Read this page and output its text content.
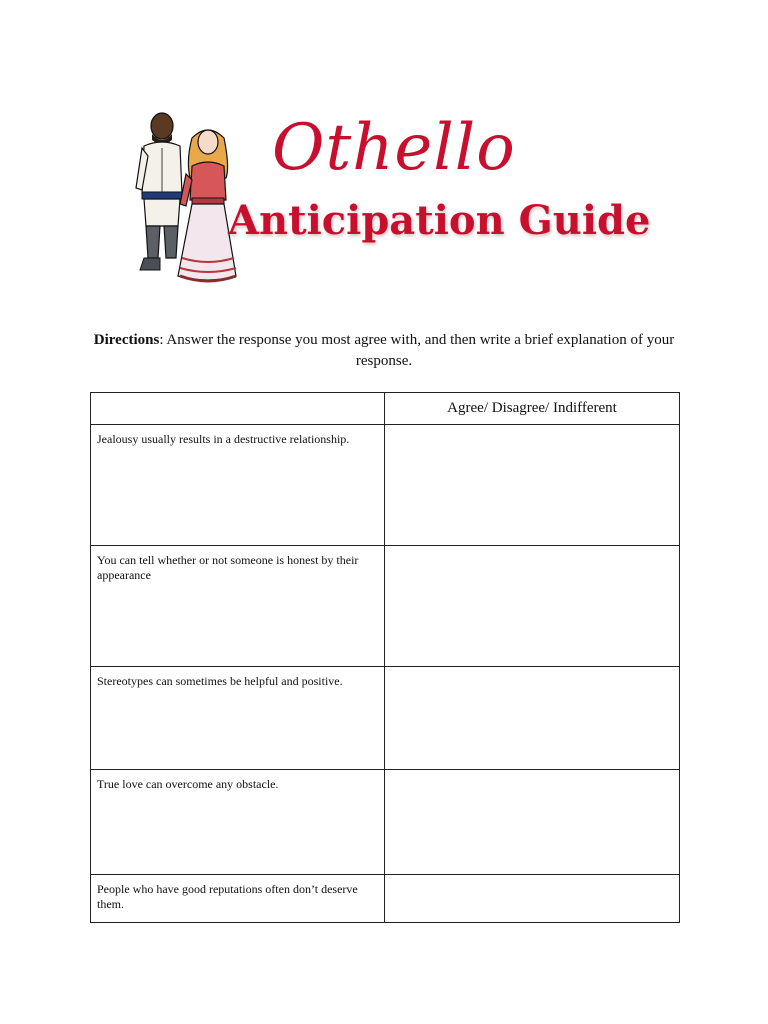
Othello
Anticipation Guide
Directions: Answer the response you most agree with, and then write a brief explanation of your response.
	Agree/ Disagree/ Indifferent

Jealousy usually results in a destructive relationship.	

You can tell whether or not someone is honest by their appearance	

Stereotypes can sometimes be helpful and positive.	

True love can overcome any obstacle.	

People who have good reputations often don’t deserve them.	
